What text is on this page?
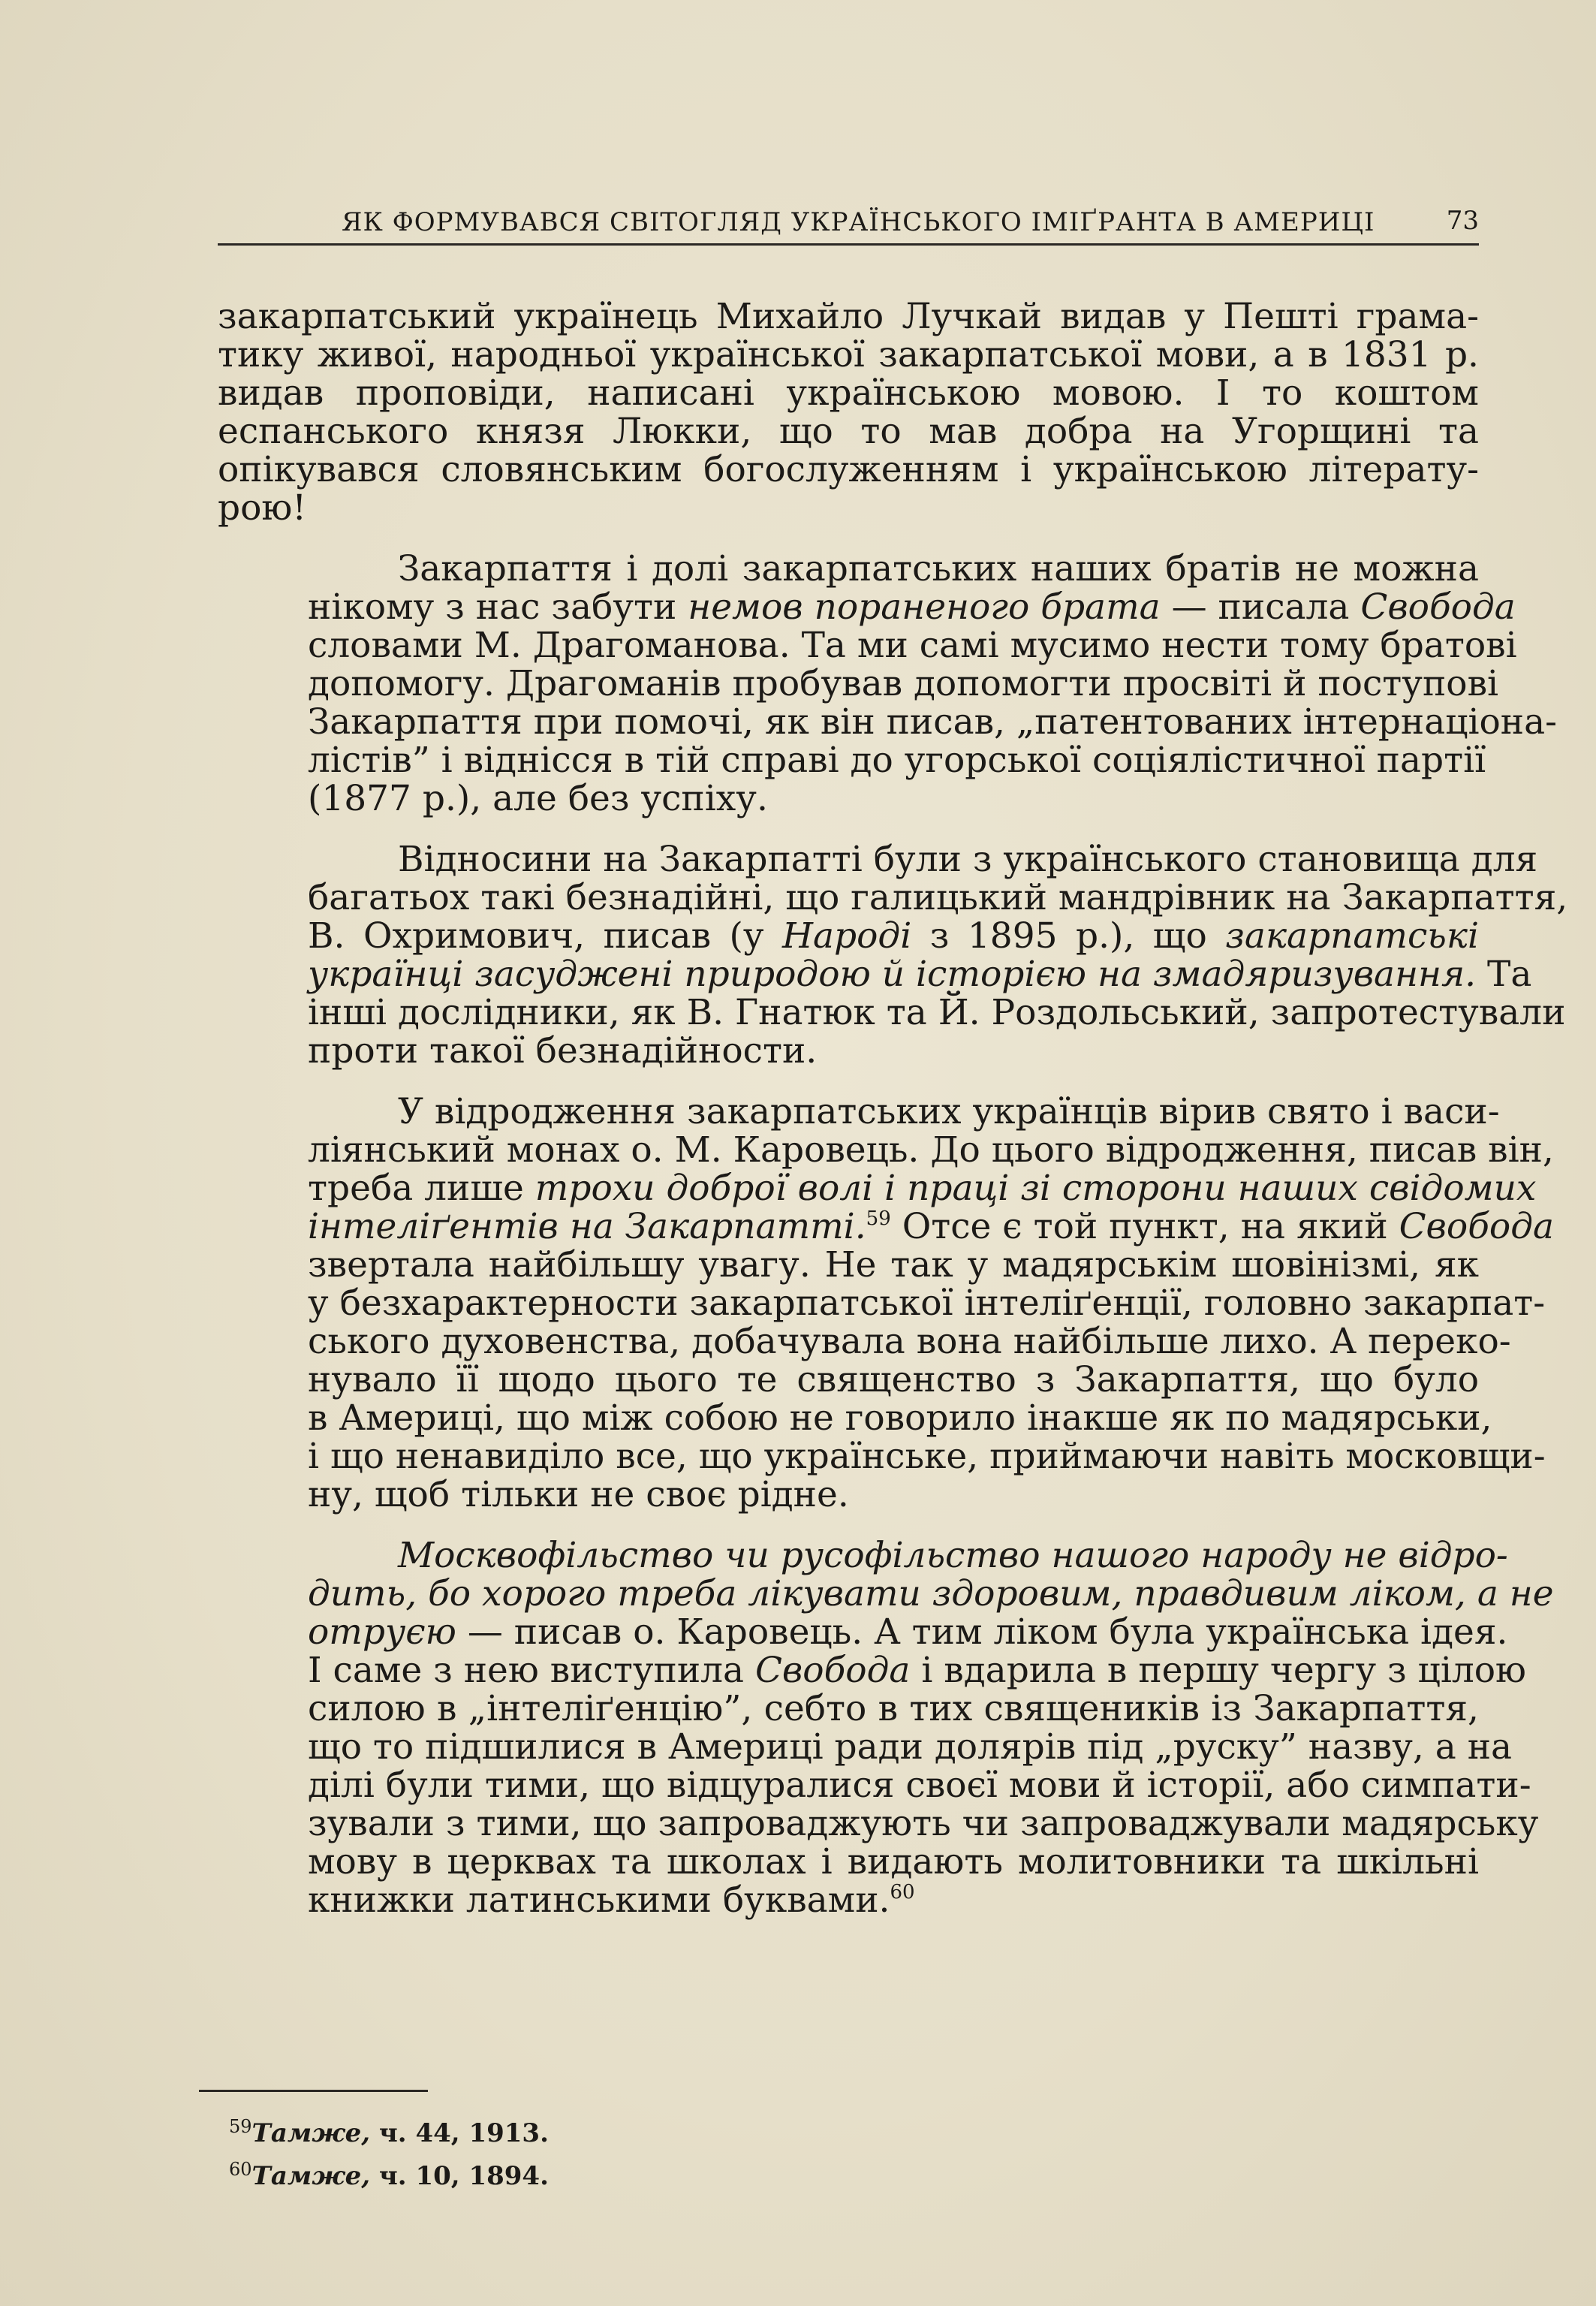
ЯК ФОРМУВАВСЯ СВІТОГЛЯД УКРАЇНСЬКОГО ІМІҐРАНТА В АМЕРИЦІ	73
закарпатський українець Михайло Лучкай видав у Пешті грама-
тику живої, народньої української закарпатської мови, а в 1831 р.
видав проповіди, написані українською мовою. І то коштом
еспанського князя Люкки, що то мав добра на Угорщині та
опікувався словянським богослуженням і українською літерату-
рою!
Закарпаття і долі закарпатських наших братів не можна
нікому з нас забути немов пораненого брата — писала Свобода
словами М. Драгоманова. Та ми самі мусимо нести тому братові
допомогу. Драгоманів пробував допомогти просвіті й поступові
Закарпаття при помочі, як він писав, „патентованих інтернаціона-
лістів” і віднісся в тій справі до угорської соціялістичної партії
(1877 р.), але без успіху.
Відносини на Закарпатті були з українського становища для
багатьох такі безнадійні, що галицький мандрівник на Закарпаття,
В. Охримович, писав (у Народі з 1895 р.), що закарпатські
українці засуджені природою й історією на змадяризування. Та
інші дослідники, як В. Гнатюк та Й. Роздольський, запротестували
проти такої безнадійности.
У відродження закарпатських українців вірив свято і васи-
ліянський монах о. М. Каровець. До цього відродження, писав він,
треба лише трохи доброї волі і праці зі сторони наших свідомих
інтеліґентів на Закарпатті.$^{59}$ Отсе є той пункт, на який Свобода
звертала найбільшу увагу. Не так у мадярськім шовінізмі, як
у безхарактерности закарпатської інтеліґенції, головно закарпат-
ського духовенства, добачувала вона найбільше лихо. А переко-
нувало її щодо цього те священство з Закарпаття, що було
в Америці, що між собою не говорило інакше як по мадярськи,
і що ненавиділо все, що українське, приймаючи навіть московщи-
ну, щоб тільки не своє рідне.
Москвофільство чи русофільство нашого народу не відро-
дить, бо хорого треба лікувати здоровим, правдивим ліком, а не
отруєю — писав о. Каровець. А тим ліком була українська ідея.
І саме з нею виступила Свобода і вдарила в першу чергу з цілою
силою в „інтеліґенцію”, себто в тих священиків із Закарпаття,
що то підшилися в Америці ради долярів під „руску” назву, а на
ділі були тими, що відцуралися своєї мови й історії, або симпати-
зували з тими, що запроваджують чи запроваджували мадярську
мову в церквах та школах і видають молитовники та шкільні
книжки латинськими буквами.$^{60}$
$^{59}$Тамже, ч. 44, 1913.
$^{60}$Тамже, ч. 10, 1894.
